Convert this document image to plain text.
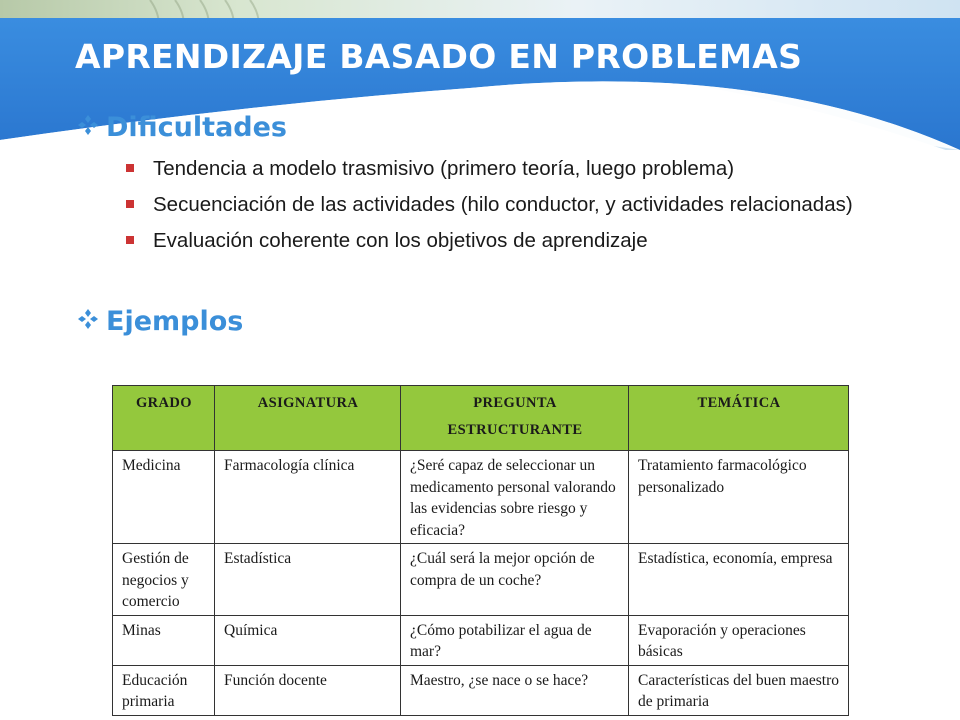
APRENDIZAJE BASADO EN PROBLEMAS
Dificultades
Tendencia a modelo trasmisivo (primero teoría, luego problema)
Secuenciación de las actividades (hilo conductor, y actividades relacionadas)
Evaluación coherente con los objetivos de aprendizaje
Ejemplos
GRADO	ASIGNATURA	PREGUNTA ESTRUCTURANTE	TEMÁTICA
Medicina	Farmacología clínica	¿Seré capaz de seleccionar un medicamento personal valorando las evidencias sobre riesgo y eficacia?	Tratamiento farmacológico personalizado
Gestión de negocios y comercio	Estadística	¿Cuál será la mejor opción de compra de un coche?	Estadística, economía, empresa
Minas	Química	¿Cómo potabilizar el agua de mar?	Evaporación y operaciones básicas
Educación primaria	Función docente	Maestro, ¿se nace o se hace?	Características del buen maestro de primaria
